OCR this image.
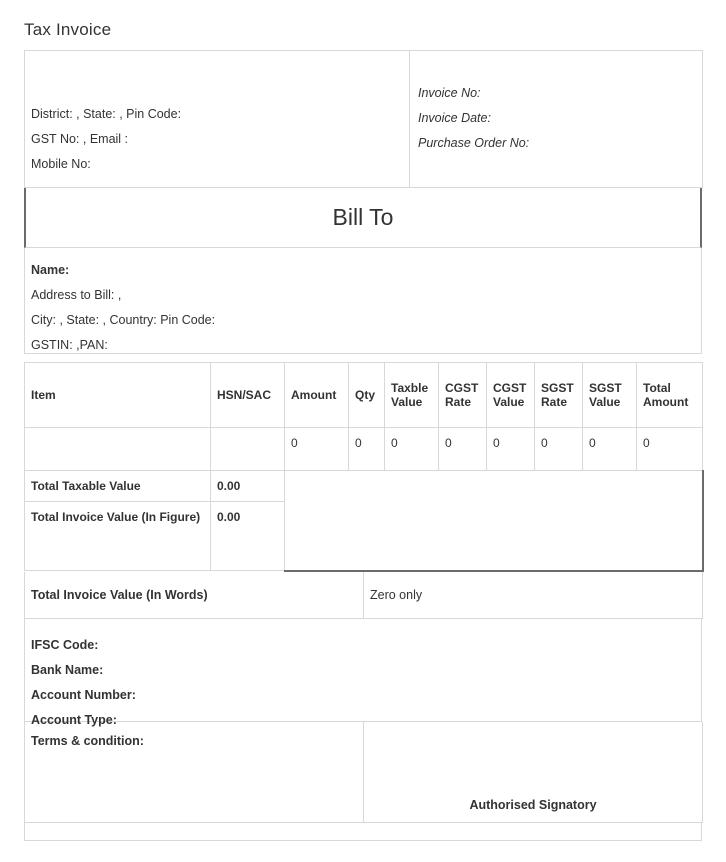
Tax Invoice
District: , State: , Pin Code:
GST No: , Email :
Mobile No:

Invoice No:
Invoice Date:
Purchase Order No:
Bill To
Name:
Address to Bill: ,
City: , State: , Country: Pin Code:
GSTIN: ,PAN:
Item	HSN/SAC	Amount	Qty	Taxble Value	CGST Rate	CGST Value	SGST Rate	SGST Value	Total Amount
		0	0	0	0	0	0	0	0
Total Taxable Value	0.00								
Total Invoice Value (In Figure)	0.00								
Total Invoice Value (In Words)	Zero only
IFSC Code:
Bank Name:
Account Number:
Account Type:
Terms & condition:	Authorised Signatory
